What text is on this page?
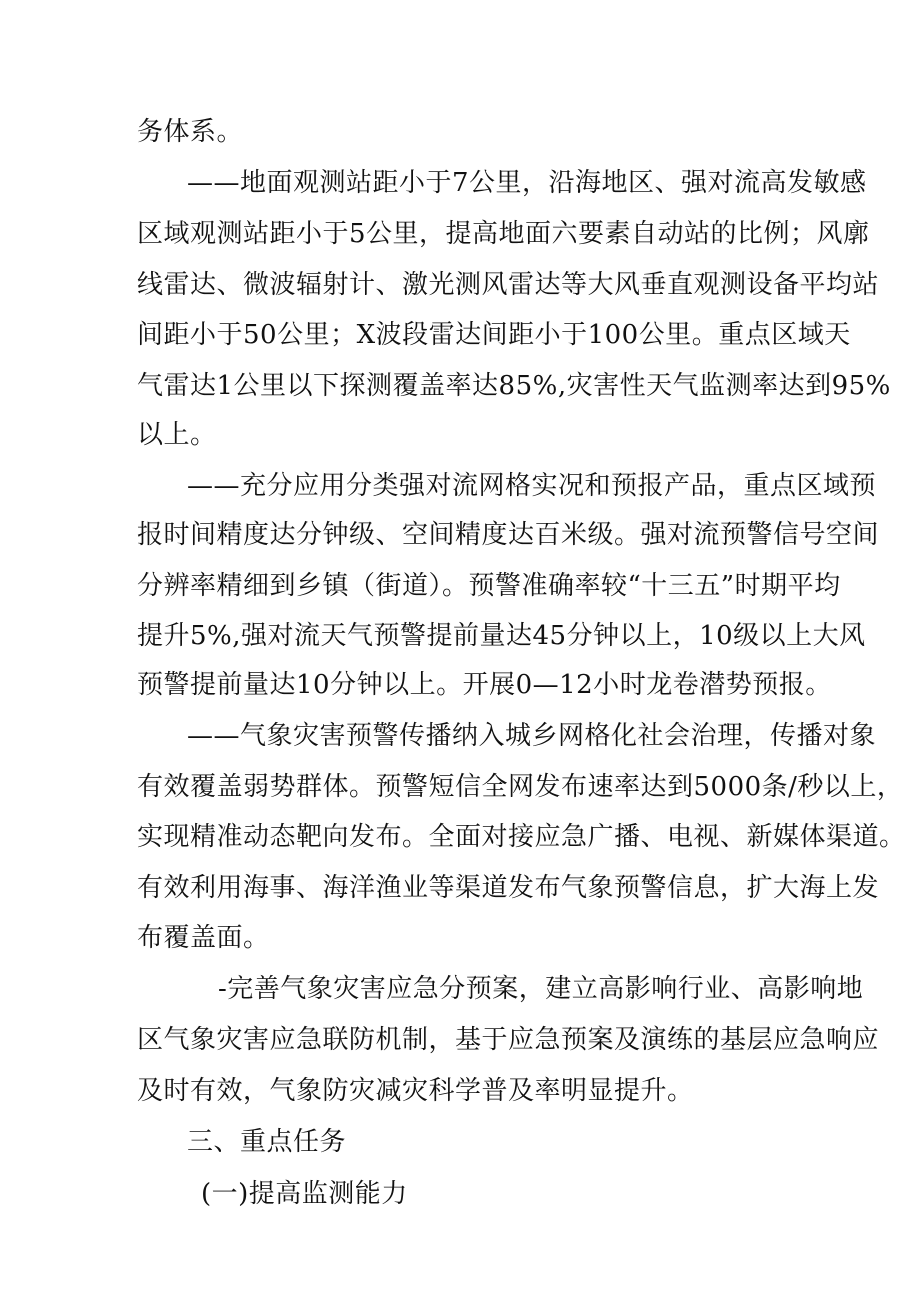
务体系。
——地面观测站距小于7公里，沿海地区、强对流高发敏感
区域观测站距小于5公里，提高地面六要素自动站的比例；风廓
线雷达、微波辐射计、激光测风雷达等大风垂直观测设备平均站
间距小于50公里；X波段雷达间距小于100公里。重点区域天
气雷达1公里以下探测覆盖率达85%,灾害性天气监测率达到95%
以上。
——充分应用分类强对流网格实况和预报产品，重点区域预
报时间精度达分钟级、空间精度达百米级。强对流预警信号空间
分辨率精细到乡镇（街道）。预警准确率较“十三五”时期平均
提升5%,强对流天气预警提前量达45分钟以上，10级以上大风
预警提前量达10分钟以上。开展0—12小时龙卷潜势预报。
——气象灾害预警传播纳入城乡网格化社会治理，传播对象
有效覆盖弱势群体。预警短信全网发布速率达到5000条/秒以上，
实现精准动态靶向发布。全面对接应急广播、电视、新媒体渠道。
有效利用海事、海洋渔业等渠道发布气象预警信息，扩大海上发
布覆盖面。
-完善气象灾害应急分预案，建立高影响行业、高影响地
区气象灾害应急联防机制，基于应急预案及演练的基层应急响应
及时有效，气象防灾减灾科学普及率明显提升。
三、重点任务
(一)提高监测能力
